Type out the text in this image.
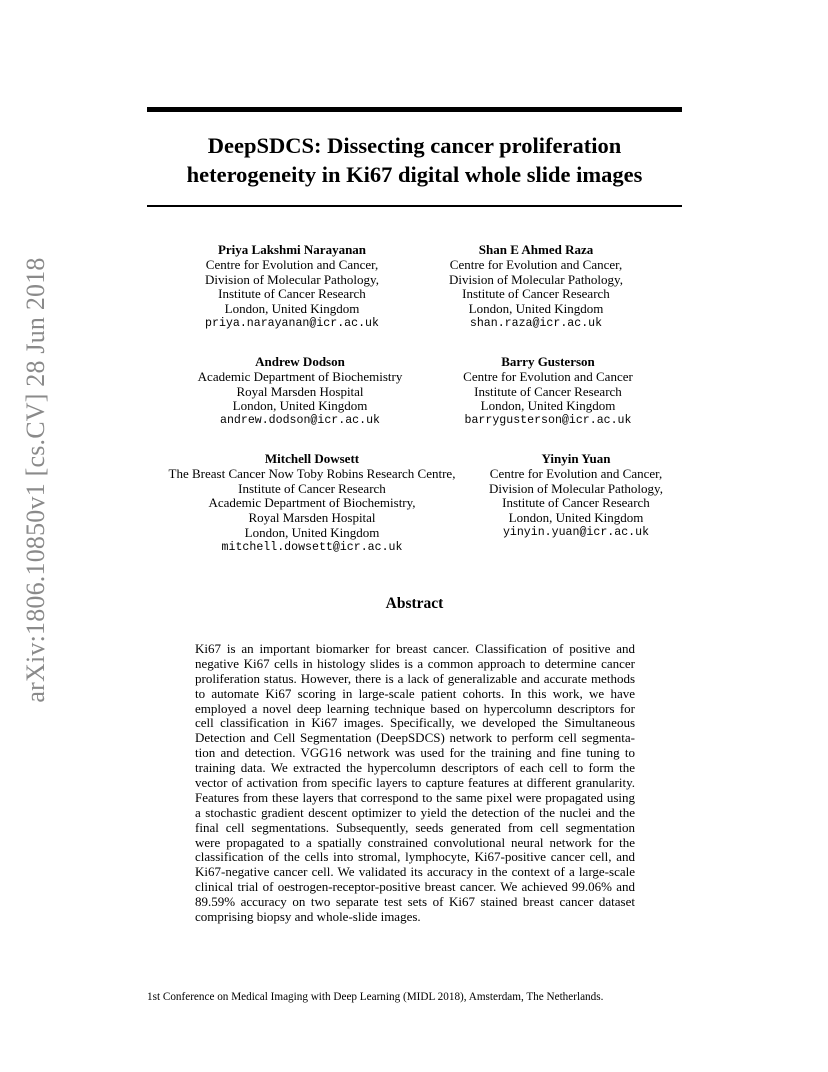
arXiv:1806.10850v1 [cs.CV] 28 Jun 2018
DeepSDCS: Dissecting cancer proliferation
heterogeneity in Ki67 digital whole slide images
Priya Lakshmi Narayanan
Centre for Evolution and Cancer,
Division of Molecular Pathology,
Institute of Cancer Research
London, United Kingdom
priya.narayanan@icr.ac.uk
Shan E Ahmed Raza
Centre for Evolution and Cancer,
Division of Molecular Pathology,
Institute of Cancer Research
London, United Kingdom
shan.raza@icr.ac.uk
Andrew Dodson
Academic Department of Biochemistry
Royal Marsden Hospital
London, United Kingdom
andrew.dodson@icr.ac.uk
Barry Gusterson
Centre for Evolution and Cancer
Institute of Cancer Research
London, United Kingdom
barrygusterson@icr.ac.uk
Mitchell Dowsett
The Breast Cancer Now Toby Robins Research Centre,
Institute of Cancer Research
Academic Department of Biochemistry,
Royal Marsden Hospital
London, United Kingdom
mitchell.dowsett@icr.ac.uk
Yinyin Yuan
Centre for Evolution and Cancer,
Division of Molecular Pathology,
Institute of Cancer Research
London, United Kingdom
yinyin.yuan@icr.ac.uk
Abstract
Ki67 is an important biomarker for breast cancer. Classification of positive and
negative Ki67 cells in histology slides is a common approach to determine cancer
proliferation status. However, there is a lack of generalizable and accurate methods
to automate Ki67 scoring in large-scale patient cohorts. In this work, we have
employed a novel deep learning technique based on hypercolumn descriptors for
cell classification in Ki67 images. Specifically, we developed the Simultaneous
Detection and Cell Segmentation (DeepSDCS) network to perform cell segmenta-
tion and detection. VGG16 network was used for the training and fine tuning to
training data. We extracted the hypercolumn descriptors of each cell to form the
vector of activation from specific layers to capture features at different granularity.
Features from these layers that correspond to the same pixel were propagated using
a stochastic gradient descent optimizer to yield the detection of the nuclei and the
final cell segmentations. Subsequently, seeds generated from cell segmentation
were propagated to a spatially constrained convolutional neural network for the
classification of the cells into stromal, lymphocyte, Ki67-positive cancer cell, and
Ki67-negative cancer cell. We validated its accuracy in the context of a large-scale
clinical trial of oestrogen-receptor-positive breast cancer. We achieved 99.06% and
89.59% accuracy on two separate test sets of Ki67 stained breast cancer dataset
comprising biopsy and whole-slide images.
1st Conference on Medical Imaging with Deep Learning (MIDL 2018), Amsterdam, The Netherlands.
